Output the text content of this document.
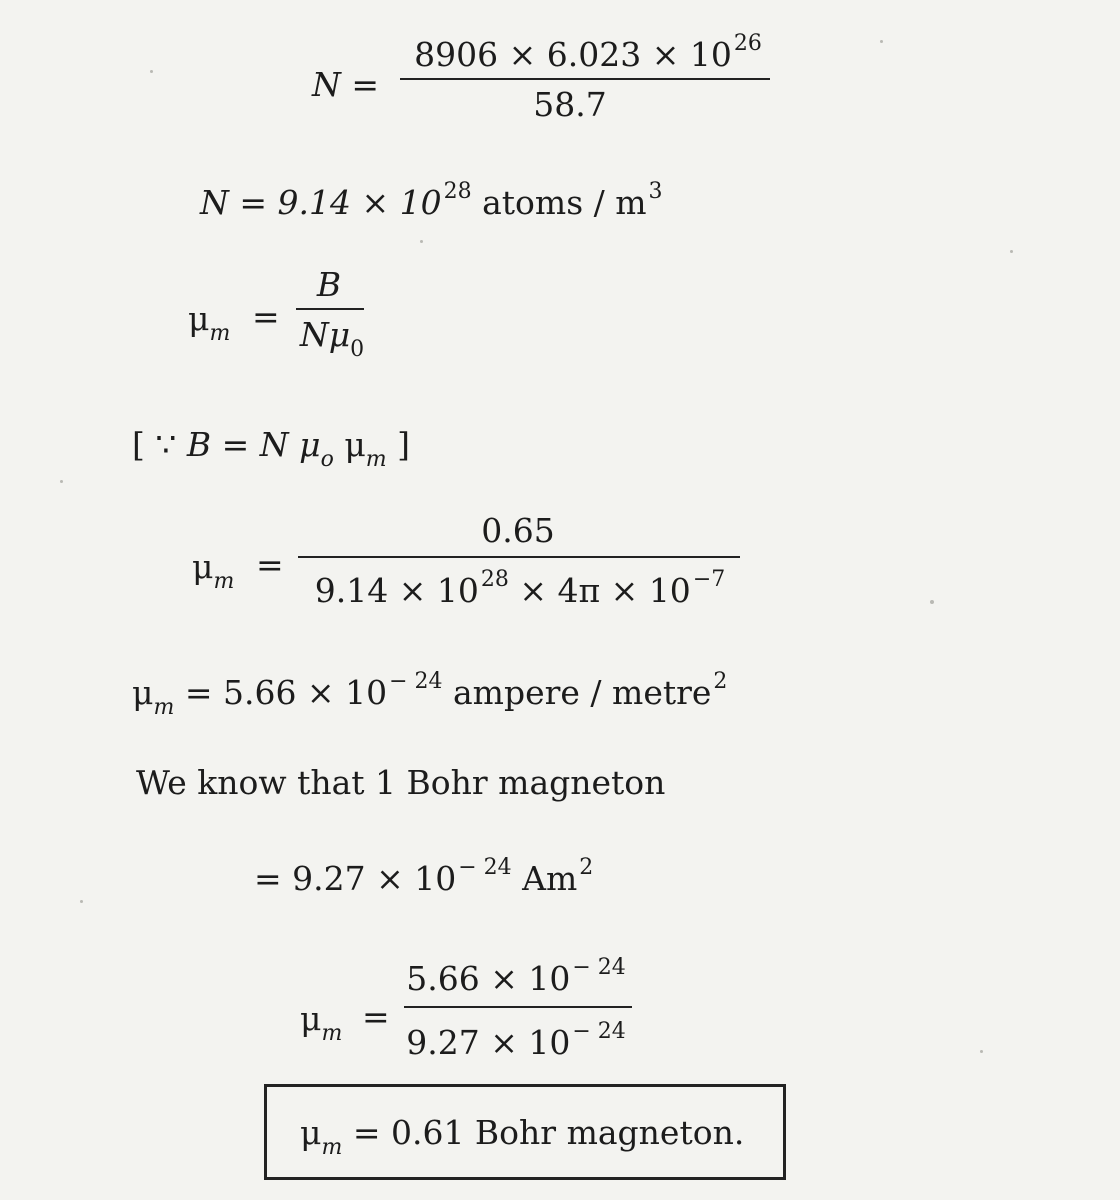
N =
$8906 \times 6.023 \times 10^{26}$
58.7
$N = 9.14 \times 10^{28}$ atoms / $m^3$
$\mu_m$ =
B
$N\mu_0$
[ ∵ B = N $\mu_o$ $\mu_m$ ]
$\mu_m$ =
0.65
$9.14 \times 10^{28} \times 4\pi \times 10^{-7}$
$\mu_m = 5.66 \times 10^{- 24}$ ampere / metre$^2$
We know that 1 Bohr magneton
= $9.27 \times 10^{- 24}$ Am$^2$
$\mu_m$ =
$5.66 \times 10^{- 24}$
$9.27 \times 10^{- 24}$
$\mu_m = 0.61$ Bohr magneton.
